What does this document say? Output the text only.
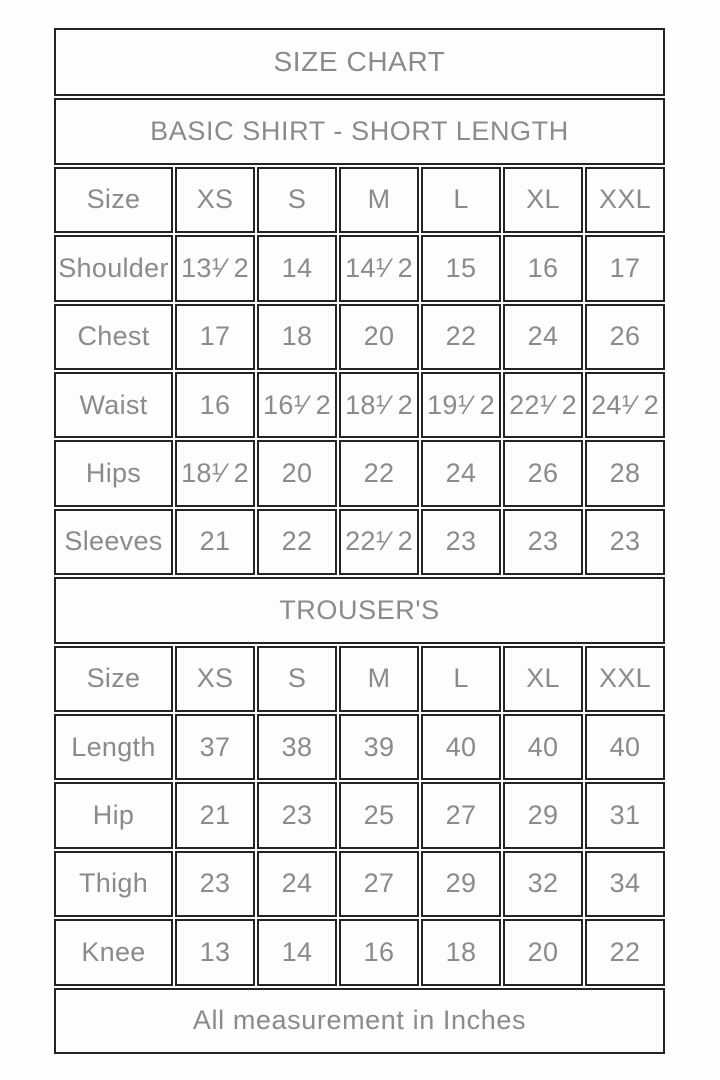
SIZE CHART						
BASIC SHIRT - SHORT LENGTH						
Size	XS	S	M	L	XL	XXL
Shoulder	13¹⁄ 2	14	14¹⁄ 2	15	16	17
Chest	17	18	20	22	24	26
Waist	16	16¹⁄ 2	18¹⁄ 2	19¹⁄ 2	22¹⁄ 2	24¹⁄ 2
Hips	18¹⁄ 2	20	22	24	26	28
Sleeves	21	22	22¹⁄ 2	23	23	23
TROUSER'S						
Size	XS	S	M	L	XL	XXL
Length	37	38	39	40	40	40
Hip	21	23	25	27	29	31
Thigh	23	24	27	29	32	34
Knee	13	14	16	18	20	22
All measurement in Inches						
